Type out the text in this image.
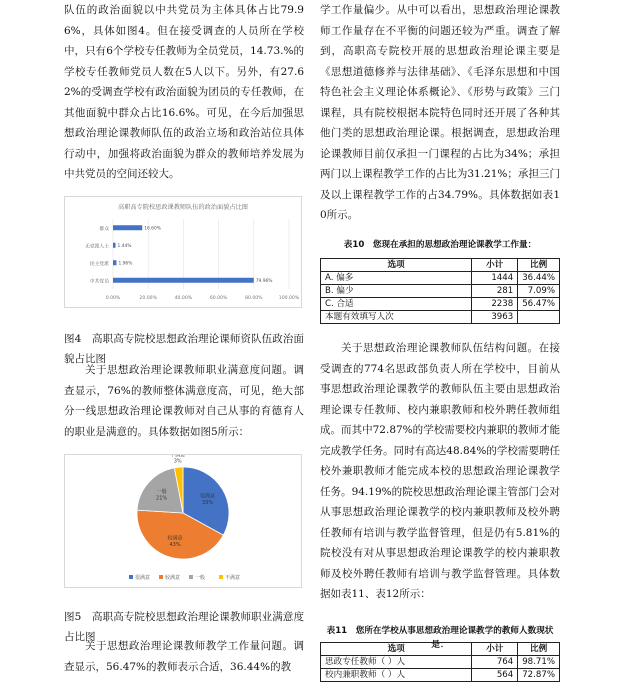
队伍的政治面貌以中共党员为主体具体占比79.96%，具体如图4。但在接受调查的人员所在学校中，只有6个学校专任教师为全员党员，14.73.%的学校专任教师党员人数在5人以下。另外，有27.62%的受调查学校有政治面貌为团员的专任教师，在其他面貌中群众占比16.6%。可见，在今后加强思想政治理论课教师队伍的政治立场和政治站位具体行动中，加强将政治面貌为群众的教师培养发展为中共党员的空间还较大。

高职高专院校思政课教师队伍的政治面貌占比图
0.00%	20.00%	40.00%	60.00%	80.00%	100.00%
群众	16.60%
无党派人士 1.44%
民主党派 1.96%
中共党员	79.96%

图4　高职高专院校思想政治理论课师资队伍政治面貌占比图

关于思想政治理论课教师职业满意度问题。调查显示，76%的教师整体满意度高，可见，绝大部分一线思想政治理论课教师对自己从事的育德育人的职业是满意的。具体数据如图5所示：

很满意
33%
较满意
43%
一般
21%
不满意
3%
很满意	较满意	一般	不满意

图5　高职高专院校思想政治理论课教师职业满意度占比图

关于思想政治理论课教师教学工作量问题。调查显示，56.47%的教师表示合适，36.44%的教

学工作量偏少。从中可以看出，思想政治理论课教师工作量存在不平衡的问题还较为严重。调查了解到，高职高专院校开展的思想政治理论课主要是《思想道德修养与法律基础》、《毛泽东思想和中国特色社会主义理论体系概论》、《形势与政策》三门课程，具有院校根据本院特色同时还开展了各种其他门类的思想政治理论课。根据调查，思想政治理论课教师目前仅承担一门课程的占比为34%；承担两门以上课程教学工作的占比为31.21%；承担三门及以上课程教学工作的占34.79%。具体数据如表10所示。

表10　您现在承担的思想政治理论课教学工作量：
选项	小计	比例
A. 偏多	1444	36.44%
B. 偏少	281	7.09%
C. 合适	2238	56.47%
本题有效填写人次	3963	

关于思想政治理论课教师队伍结构问题。在接受调查的774名思政部负责人所在学校中，目前从事思想政治理论课教学的教师队伍主要由思想政治理论课专任教师、校内兼职教师和校外聘任教师组成。而其中72.87%的学校需要校内兼职的教师才能完成教学任务。同时有高达48.84%的学校需要聘任校外兼职教师才能完成本校的思想政治理论课教学任务。94.19%的院校思想政治理论课主管部门会对从事思想政治理论课教学的校内兼职教师及校外聘任教师有培训与教学监督管理，但是仍有5.81%的院校没有对从事思想政治理论课教学的校内兼职教师及校外聘任教师有培训与教学监督管理。具体数据如表11、表12所示：

表11　您所在学校从事思想政治理论课教学的教师人数现状是：
选项	小计	比例
思政专任教师（ ）人	764	98.71%
校内兼职教师（ ）人	564	72.87%
